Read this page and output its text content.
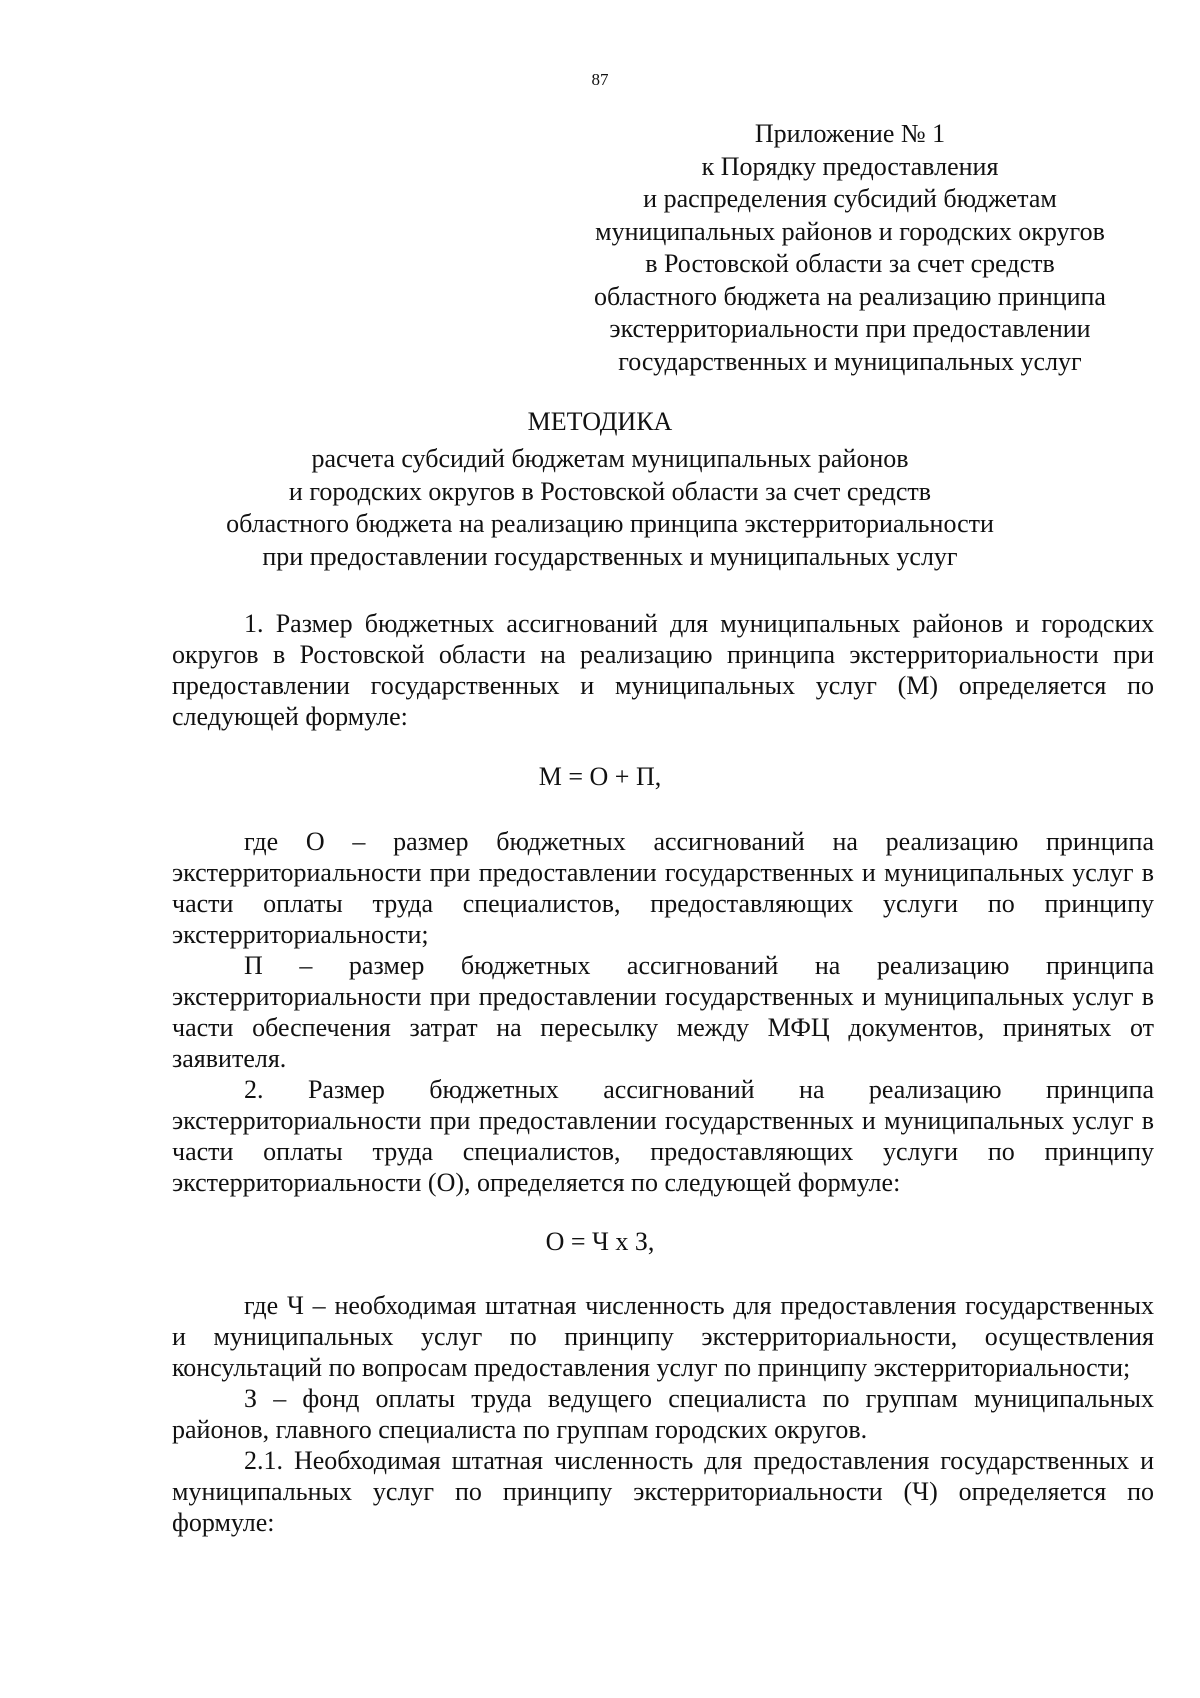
87
Приложение № 1
к Порядку предоставления
и распределения субсидий бюджетам
муниципальных районов и городских округов
в Ростовской области за счет средств
областного бюджета на реализацию принципа
экстерриториальности при предоставлении
государственных и муниципальных услуг
МЕТОДИКА
расчета субсидий бюджетам муниципальных районов
и городских округов в Ростовской области за счет средств
областного бюджета на реализацию принципа экстерриториальности
при предоставлении государственных и муниципальных услуг
1. Размер бюджетных ассигнований для муниципальных районов и городских округов в Ростовской области на реализацию принципа экстерриториальности при предоставлении государственных и муниципальных услуг (М) определяется по следующей формуле:
М = О + П,
где О – размер бюджетных ассигнований на реализацию принципа экстерриториальности при предоставлении государственных и муниципальных услуг в части оплаты труда специалистов, предоставляющих услуги по принципу экстерриториальности;
П – размер бюджетных ассигнований на реализацию принципа экстерриториальности при предоставлении государственных и муниципальных услуг в части обеспечения затрат на пересылку между МФЦ документов, принятых от заявителя.
2. Размер бюджетных ассигнований на реализацию принципа экстерриториальности при предоставлении государственных и муниципальных услуг в части оплаты труда специалистов, предоставляющих услуги по принципу экстерриториальности (О), определяется по следующей формуле:
О = Ч х З,
где Ч – необходимая штатная численность для предоставления государственных и муниципальных услуг по принципу экстерриториальности, осуществления консультаций по вопросам предоставления услуг по принципу экстерриториальности;
З – фонд оплаты труда ведущего специалиста по группам муниципальных районов, главного специалиста по группам городских округов.
2.1. Необходимая штатная численность для предоставления государственных и муниципальных услуг по принципу экстерриториальности (Ч) определяется по формуле:
